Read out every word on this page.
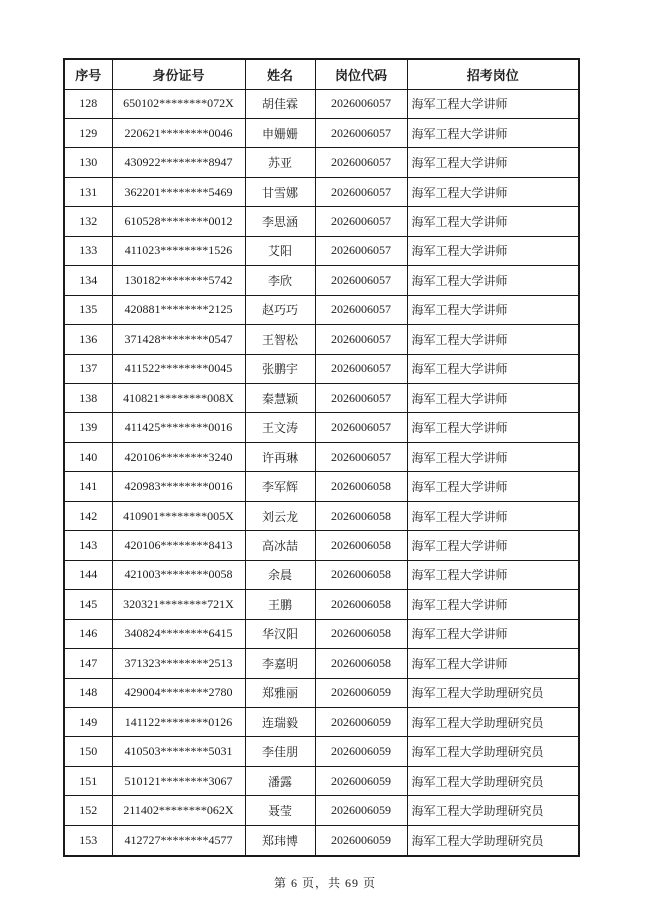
序号	身份证号	姓名	岗位代码	招考岗位
128	650102********072X	胡佳霖	2026006057	海军工程大学讲师
129	220621********0046	申姗姗	2026006057	海军工程大学讲师
130	430922********8947	苏亚	2026006057	海军工程大学讲师
131	362201********5469	甘雪娜	2026006057	海军工程大学讲师
132	610528********0012	李思涵	2026006057	海军工程大学讲师
133	411023********1526	艾阳	2026006057	海军工程大学讲师
134	130182********5742	李欣	2026006057	海军工程大学讲师
135	420881********2125	赵巧巧	2026006057	海军工程大学讲师
136	371428********0547	王智松	2026006057	海军工程大学讲师
137	411522********0045	张鹏宇	2026006057	海军工程大学讲师
138	410821********008X	秦慧颖	2026006057	海军工程大学讲师
139	411425********0016	王文涛	2026006057	海军工程大学讲师
140	420106********3240	许再琳	2026006057	海军工程大学讲师
141	420983********0016	李军辉	2026006058	海军工程大学讲师
142	410901********005X	刘云龙	2026006058	海军工程大学讲师
143	420106********8413	高冰喆	2026006058	海军工程大学讲师
144	421003********0058	余晨	2026006058	海军工程大学讲师
145	320321********721X	王鹏	2026006058	海军工程大学讲师
146	340824********6415	华汉阳	2026006058	海军工程大学讲师
147	371323********2513	李嘉明	2026006058	海军工程大学讲师
148	429004********2780	郑雅丽	2026006059	海军工程大学助理研究员
149	141122********0126	连瑞毅	2026006059	海军工程大学助理研究员
150	410503********5031	李佳朋	2026006059	海军工程大学助理研究员
151	510121********3067	潘露	2026006059	海军工程大学助理研究员
152	211402********062X	聂莹	2026006059	海军工程大学助理研究员
153	412727********4577	郑玮博	2026006059	海军工程大学助理研究员
第 6 页，共 69 页
